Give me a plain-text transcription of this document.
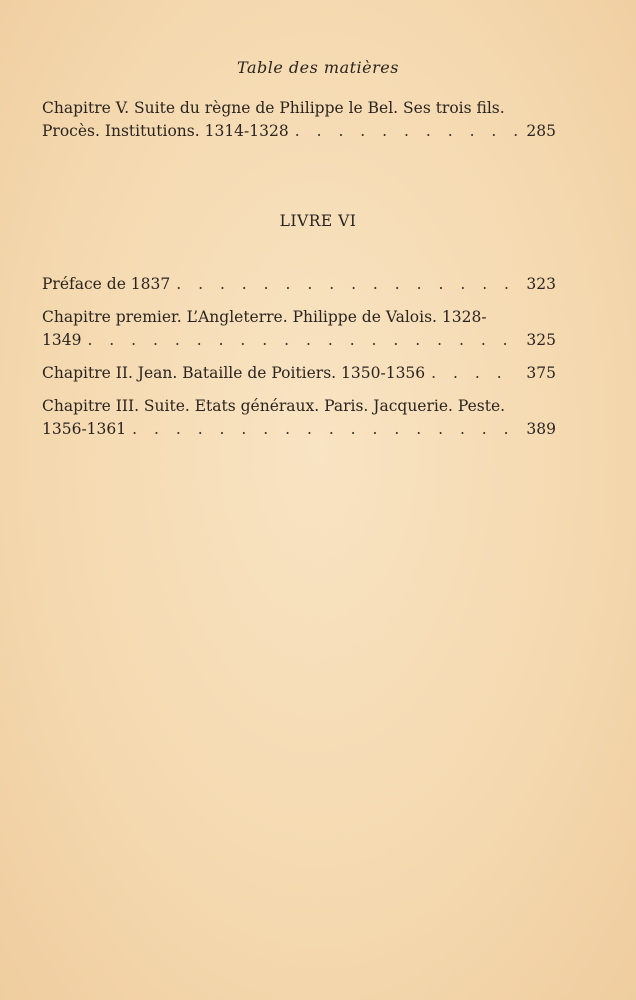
Table des matières
Chapitre V. Suite du règne de Philippe le Bel. Ses trois fils.
Procès. Institutions. 1314-1328 . . .	285
LIVRE VI
Préface de 1837 . . .	323
Chapitre premier. L’Angleterre. Philippe de Valois. 1328-
1349 . . .	325
Chapitre II. Jean. Bataille de Poitiers. 1350-1356 . . .	375
Chapitre III. Suite. Etats généraux. Paris. Jacquerie. Peste.
1356-1361 . . .	389
